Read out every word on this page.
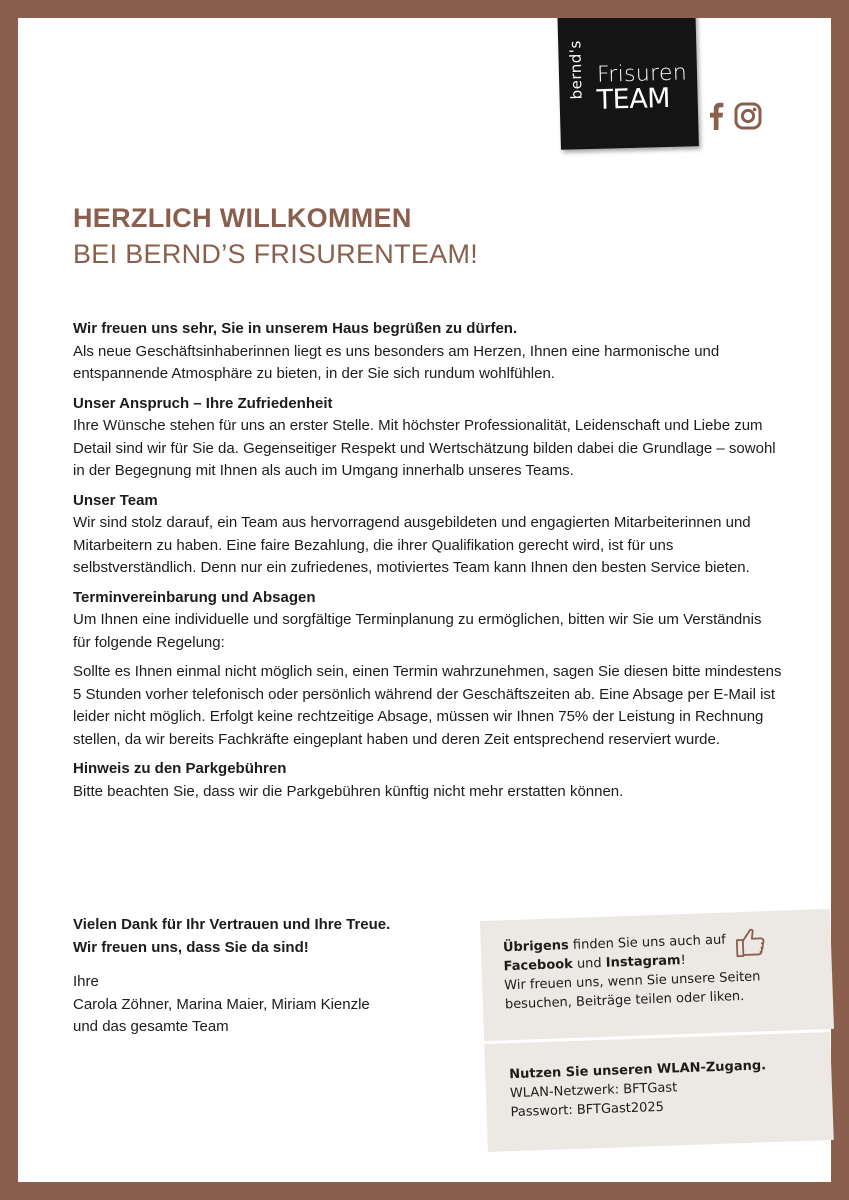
bernd's Frisuren
TEAM
HERZLICH WILLKOMMEN
BEI BERND’S FRISURENTEAM!
Wir freuen uns sehr, Sie in unserem Haus begrüßen zu dürfen.

Als neue Geschäftsinhaberinnen liegt es uns besonders am Herzen, Ihnen eine harmonische und entspannende Atmosphäre zu bieten, in der Sie sich rundum wohlfühlen.

Unser Anspruch – Ihre Zufriedenheit

Ihre Wünsche stehen für uns an erster Stelle. Mit höchster Professionalität, Leidenschaft und Liebe zum Detail sind wir für Sie da. Gegenseitiger Respekt und Wertschätzung bilden dabei die Grundlage – sowohl in der Begegnung mit Ihnen als auch im Umgang innerhalb unseres Teams.

Unser Team

Wir sind stolz darauf, ein Team aus hervorragend ausgebildeten und engagierten Mitarbeiterinnen und Mitarbeitern zu haben. Eine faire Bezahlung, die ihrer Qualifikation gerecht wird, ist für uns selbstverständlich. Denn nur ein zufriedenes, motiviertes Team kann Ihnen den besten Service bieten.

Terminvereinbarung und Absagen

Um Ihnen eine individuelle und sorgfältige Terminplanung zu ermöglichen, bitten wir Sie um Verständnis für folgende Regelung:

Sollte es Ihnen einmal nicht möglich sein, einen Termin wahrzunehmen, sagen Sie diesen bitte mindestens 5 Stunden vorher telefonisch oder persönlich während der Geschäftszeiten ab. Eine Absage per E-Mail ist leider nicht möglich. Erfolgt keine rechtzeitige Absage, müssen wir Ihnen 75% der Leistung in Rechnung stellen, da wir bereits Fachkräfte eingeplant haben und deren Zeit entsprechend reserviert wurde.

Hinweis zu den Parkgebühren

Bitte beachten Sie, dass wir die Parkgebühren künftig nicht mehr erstatten können.

Vielen Dank für Ihr Vertrauen und Ihre Treue.

Wir freuen uns, dass Sie da sind!

Ihre

Carola Zöhner, Marina Maier, Miriam Kienzle

und das gesamte Team

Übrigens finden Sie uns auch auf
Facebook und Instagram!
Wir freuen uns, wenn Sie unsere Seiten besuchen, Beiträge teilen oder liken.
Nutzen Sie unseren WLAN-Zugang.
WLAN-Netzwerk: BFTGast
Passwort: BFTGast2025
